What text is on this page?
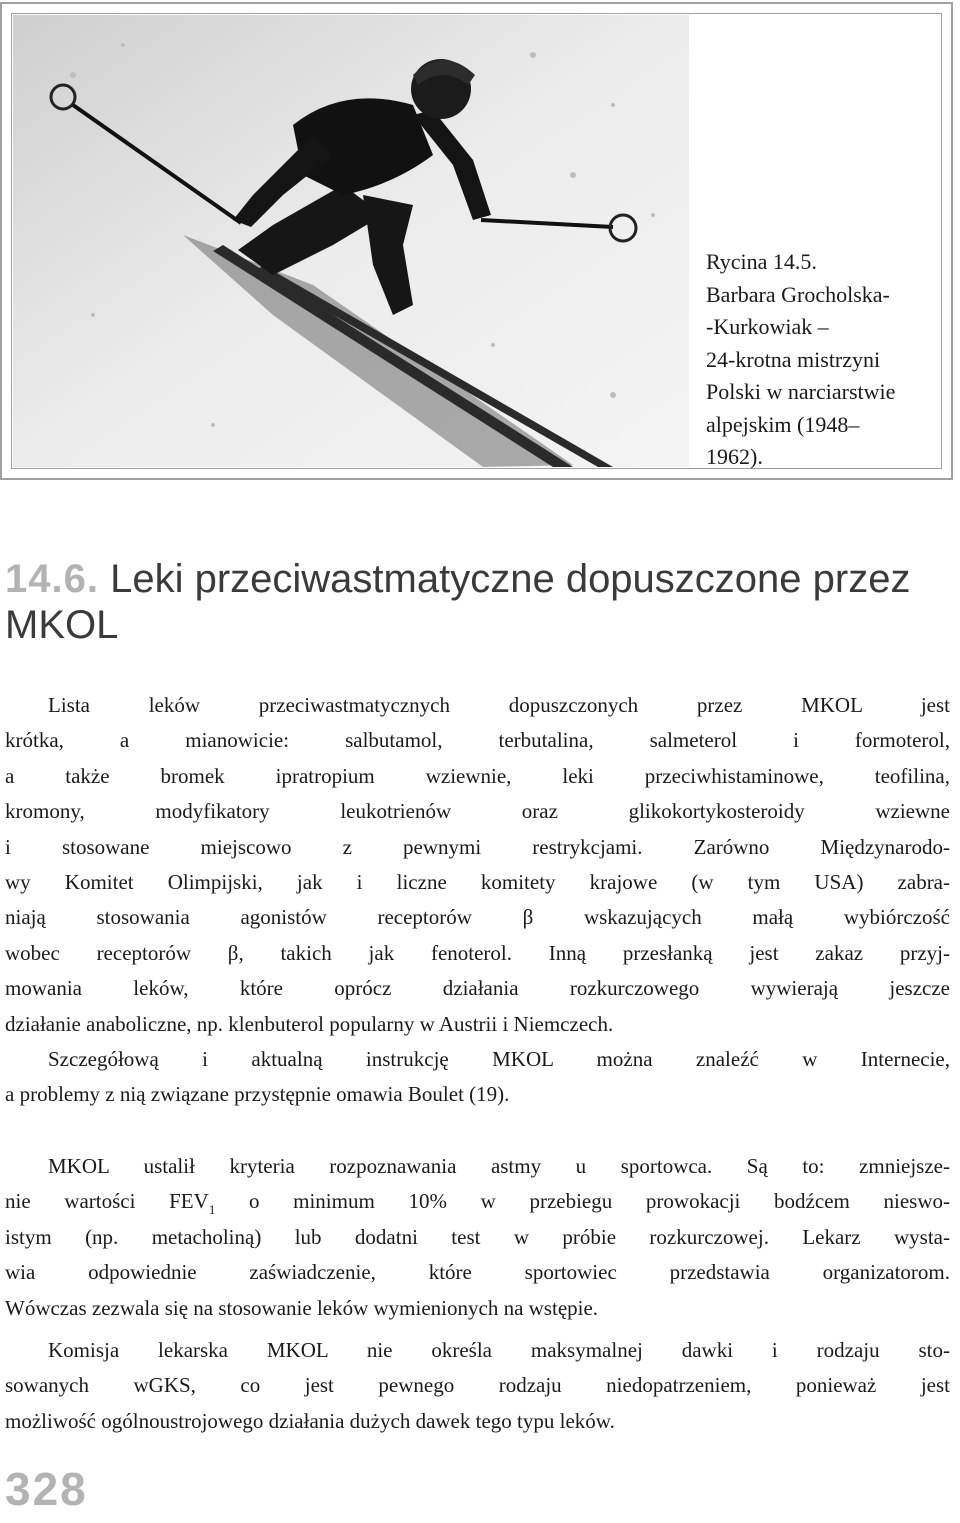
Rycina 14.5.
Barbara Grocholska-
-Kurkowiak –
24-krotna mistrzyni
Polski w narciarstwie
alpejskim (1948–
1962).
14.6. Leki przeciwastmatyczne dopuszczone przez MKOL
Lista leków przeciwastmatycznych dopuszczonych przez MKOL jest
krótka, a mianowicie: salbutamol, terbutalina, salmeterol i formoterol,
a także bromek ipratropium wziewnie, leki przeciwhistaminowe, teofilina,
kromony, modyfikatory leukotrienów oraz glikokortykosteroidy wziewne
i stosowane miejscowo z pewnymi restrykcjami. Zarówno Międzynarodo-
wy Komitet Olimpijski, jak i liczne komitety krajowe (w tym USA) zabra-
niają stosowania agonistów receptorów β wskazujących małą wybiórczość
wobec receptorów β, takich jak fenoterol. Inną przesłanką jest zakaz przyj-
mowania leków, które oprócz działania rozkurczowego wywierają jeszcze
działanie anaboliczne, np. klenbuterol popularny w Austrii i Niemczech.
Szczegółową i aktualną instrukcję MKOL można znaleźć w Internecie,
a problemy z nią związane przystępnie omawia Boulet (19).
MKOL ustalił kryteria rozpoznawania astmy u sportowca. Są to: zmniejsze-
nie wartości $FEV_1$ o minimum 10% w przebiegu prowokacji bodźcem nieswo-
istym (np. metacholiną) lub dodatni test w próbie rozkurczowej. Lekarz wysta-
wia odpowiednie zaświadczenie, które sportowiec przedstawia organizatorom.
Wówczas zezwala się na stosowanie leków wymienionych na wstępie.
Komisja lekarska MKOL nie określa maksymalnej dawki i rodzaju sto-
sowanych wGKS, co jest pewnego rodzaju niedopatrzeniem, ponieważ jest
możliwość ogólnoustrojowego działania dużych dawek tego typu leków.
328
